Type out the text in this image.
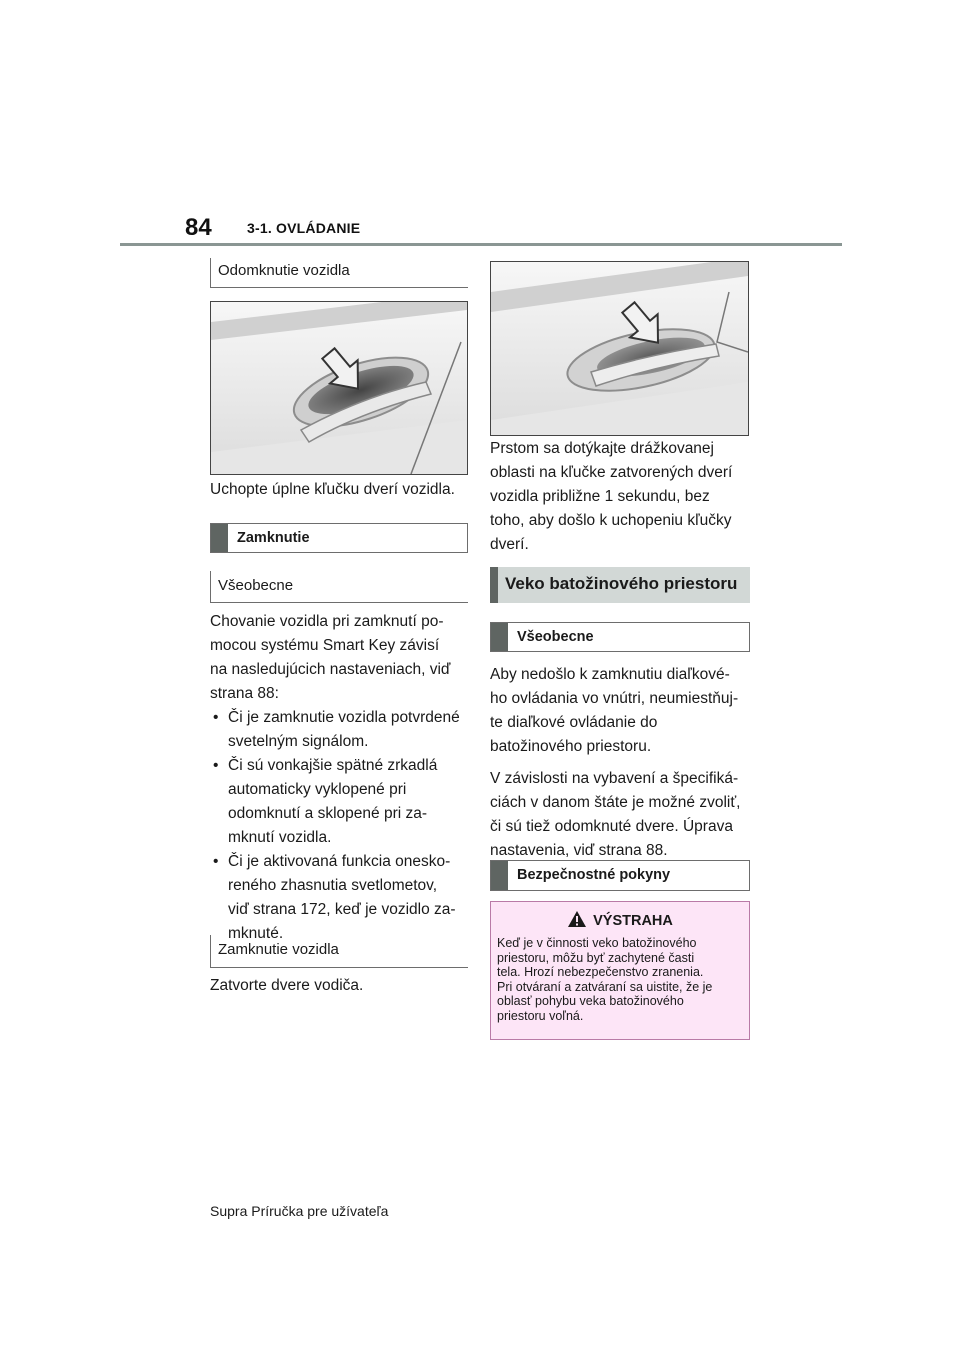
84	3-1. OVLÁDANIE
Odomknutie vozidla
Uchopte úplne kľučku dverí vozidla.
Zamknutie
Všeobecne

Chovanie vozidla pri zamknutí po-

mocou systému Smart Key závisí

na nasledujúcich nastaveniach, viď

strana 88:

• Či je zamknutie vozidla potvrdené
svetelným signálom.
• Či sú vonkajšie spätné zrkadlá
automaticky vyklopené pri
odomknutí a sklopené pri za-
mknutí vozidla.
• Či je aktivovaná funkcia onesko-
reného zhasnutia svetlometov,
viď strana 172, keď je vozidlo za-
mknuté.
Zamknutie vozidla
Zatvorte dvere vodiča.

Prstom sa dotýkajte drážkovanej

oblasti na kľučke zatvorených dverí

vozidla približne 1 sekundu, bez

toho, aby došlo k uchopeniu kľučky

dverí.

Veko batožinového priestoru
Všeobecne

Aby nedošlo k zamknutiu diaľkové-

ho ovládania vo vnútri, neumiestňuj-

te diaľkové ovládanie do

batožinového priestoru.

V závislosti na vybavení a špecifiká-

ciách v danom štáte je možné zvoliť,

či sú tiež odomknuté dvere. Úprava

nastavenia, viď strana 88.

Bezpečnostné pokyny
VÝSTRAHA
Keď je v činnosti veko batožinového
priestoru, môžu byť zachytené časti
tela. Hrozí nebezpečenstvo zranenia.
Pri otváraní a zatváraní sa uistite, že je
oblasť pohybu veka batožinového
priestoru voľná.
Supra Príručka pre užívateľa
